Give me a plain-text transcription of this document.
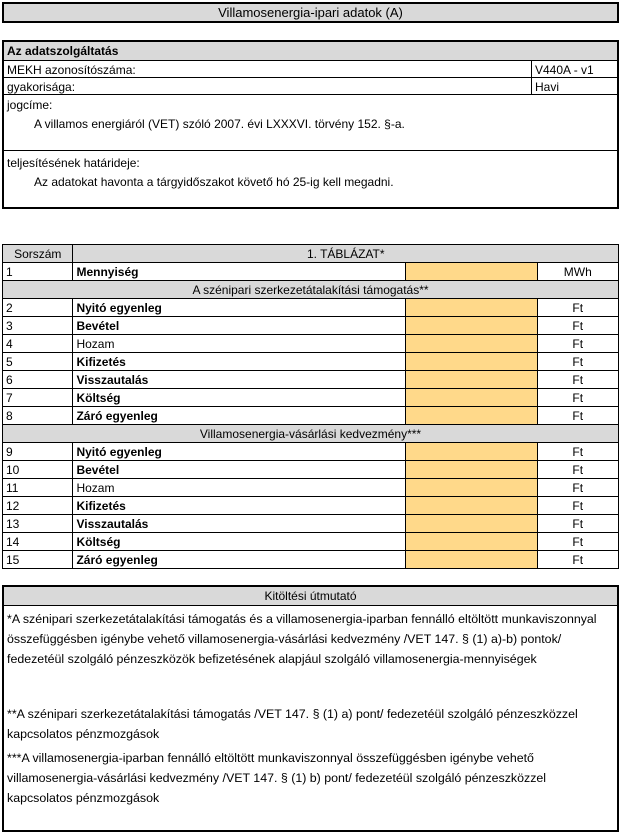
Villamosenergia-ipari adatok (A)
Az adatszolgáltatás
MEKH azonosítószáma:	V440A - v1
gyakorisága:	Havi
jogcíme:
A villamos energiáról (VET) szóló 2007. évi LXXXVI. törvény 152. §-a.
teljesítésének határideje:
Az adatokat havonta a tárgyidőszakot követő hó 25-ig kell megadni.
Sorszám	1. TÁBLÁZAT*		
1	Mennyiség		MWh
A szénipari szerkezetátalakítási támogatás**			
2	Nyitó egyenleg		Ft
3	Bevétel		Ft
4	Hozam		Ft
5	Kifizetés		Ft
6	Visszautalás		Ft
7	Költség		Ft
8	Záró egyenleg		Ft
Villamosenergia-vásárlási kedvezmény***			
9	Nyitó egyenleg		Ft
10	Bevétel		Ft
11	Hozam		Ft
12	Kifizetés		Ft
13	Visszautalás		Ft
14	Költség		Ft
15	Záró egyenleg		Ft
Kitöltési útmutató

*A szénipari szerkezetátalakítási támogatás és a villamosenergia-iparban fennálló eltöltött munkaviszonnyal összefüggésben igénybe vehető villamosenergia-vásárlási kedvezmény /VET 147. § (1) a)-b) pontok/ fedezetéül szolgáló pénzeszközök befizetésének alapjául szolgáló villamosenergia-mennyiségek

**A szénipari szerkezetátalakítási támogatás /VET 147. § (1) a) pont/ fedezetéül szolgáló pénzeszközzel kapcsolatos pénzmozgások

***A villamosenergia-iparban fennálló eltöltött munkaviszonnyal összefüggésben igénybe vehető villamosenergia-vásárlási kedvezmény /VET 147. § (1) b) pont/ fedezetéül szolgáló pénzeszközzel kapcsolatos pénzmozgások
